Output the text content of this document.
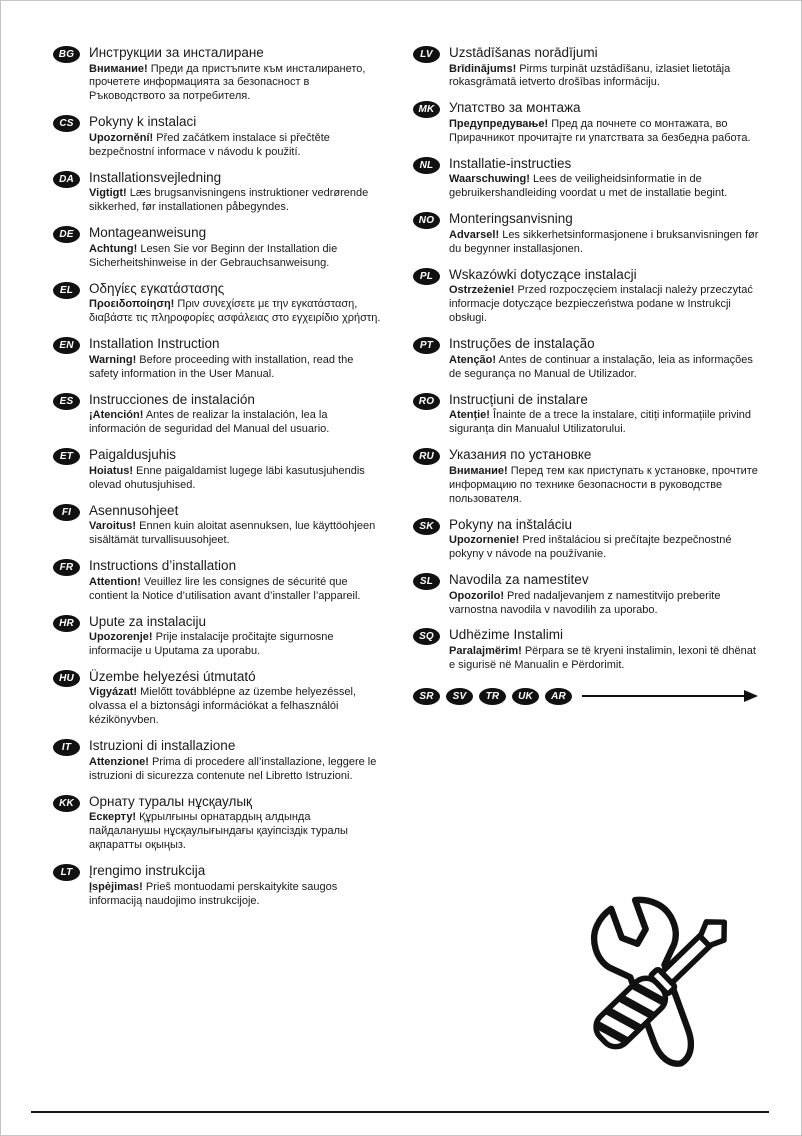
BG	Инструкции за инсталиране
Внимание! Преди да пристъпите към инсталирането, прочетете информацията за безопасност в Ръководството за потребителя.
CS	Pokyny k instalaci
Upozornění! Před začátkem instalace si přečtěte bezpečnostní informace v návodu k použití.
DA	Installationsvejledning
Vigtigt! Læs brugsanvisningens instruktioner vedrørende sikkerhed, før installationen påbegyndes.
DE	Montageanweisung
Achtung! Lesen Sie vor Beginn der Installation die Sicherheitshinweise in der Gebrauchsanweisung.
EL	Οδηγίες εγκατάστασης
Προειδοποίηση! Πριν συνεχίσετε με την εγκατάσταση, διαβάστε τις πληροφορίες ασφάλειας στο εγχειρίδιο χρήστη.
EN	Installation Instruction
Warning! Before proceeding with installation, read the safety information in the User Manual.
ES	Instrucciones de instalación
¡Atención! Antes de realizar la instalación, lea la información de seguridad del Manual del usuario.
ET	Paigaldusjuhis
Hoiatus! Enne paigaldamist lugege läbi kasutusjuhendis olevad ohutusjuhised.
FI	Asennusohjeet
Varoitus! Ennen kuin aloitat asennuksen, lue käyttöohjeen sisältämät turvallisuusohjeet.
FR	Instructions d’installation
Attention! Veuillez lire les consignes de sécurité que contient la Notice d’utilisation avant d’installer l’appareil.
HR	Upute za instalaciju
Upozorenje! Prije instalacije pročitajte sigurnosne informacije u Uputama za uporabu.
HU	Üzembe helyezési útmutató
Vigyázat! Mielőtt továbblépne az üzembe helyezéssel, olvassa el a biztonsági információkat a felhasználói kézikönyvben.
IT	Istruzioni di installazione
Attenzione! Prima di procedere all’installazione, leggere le istruzioni di sicurezza contenute nel Libretto Istruzioni.
KK	Орнату туралы нұсқаулық
Ескерту! Құрылғыны орнатардың алдында пайдаланушы нұсқаулығындағы қауіпсіздік туралы ақпаратты оқыңыз.
LT	Įrengimo instrukcija
Įspėjimas! Prieš montuodami perskaitykite saugos informaciją naudojimo instrukcijoje.
LV	Uzstādīšanas norādījumi
Brīdinājums! Pirms turpināt uzstādīšanu, izlasiet lietotāja rokasgrāmatā ietverto drošības informāciju.
MK	Упатство за монтажа
Предупредување! Пред да почнете со монтажата, во Прирачникот прочитајте ги упатствата за безбедна работа.
NL	Installatie-instructies
Waarschuwing! Lees de veiligheidsinformatie in de gebruikershandleiding voordat u met de installatie begint.
NO	Monteringsanvisning
Advarsel! Les sikkerhetsinformasjonene i bruksanvisningen før du begynner installasjonen.
PL	Wskazówki dotyczące instalacji
Ostrzeżenie! Przed rozpoczęciem instalacji należy przeczytać informacje dotyczące bezpieczeństwa podane w Instrukcji obsługi.
PT	Instruções de instalação
Atenção! Antes de continuar a instalação, leia as informações de segurança no Manual de Utilizador.
RO	Instrucțiuni de instalare
Atenție! Înainte de a trece la instalare, citiți informațiile privind siguranța din Manualul Utilizatorului.
RU	Указания по установке
Внимание! Перед тем как приступать к установке, прочтите информацию по технике безопасности в руководстве пользователя.
SK	Pokyny na inštaláciu
Upozornenie! Pred inštaláciou si prečítajte bezpečnostné pokyny v návode na používanie.
SL	Navodila za namestitev
Opozorilo! Pred nadaljevanjem z namestitvijo preberite varnostna navodila v navodilih za uporabo.
SQ	Udhëzime Instalimi
Paralajmërim! Përpara se të kryeni instalimin, lexoni të dhënat e sigurisë në Manualin e Përdorimit.
SR	SV	TR	UK	AR
